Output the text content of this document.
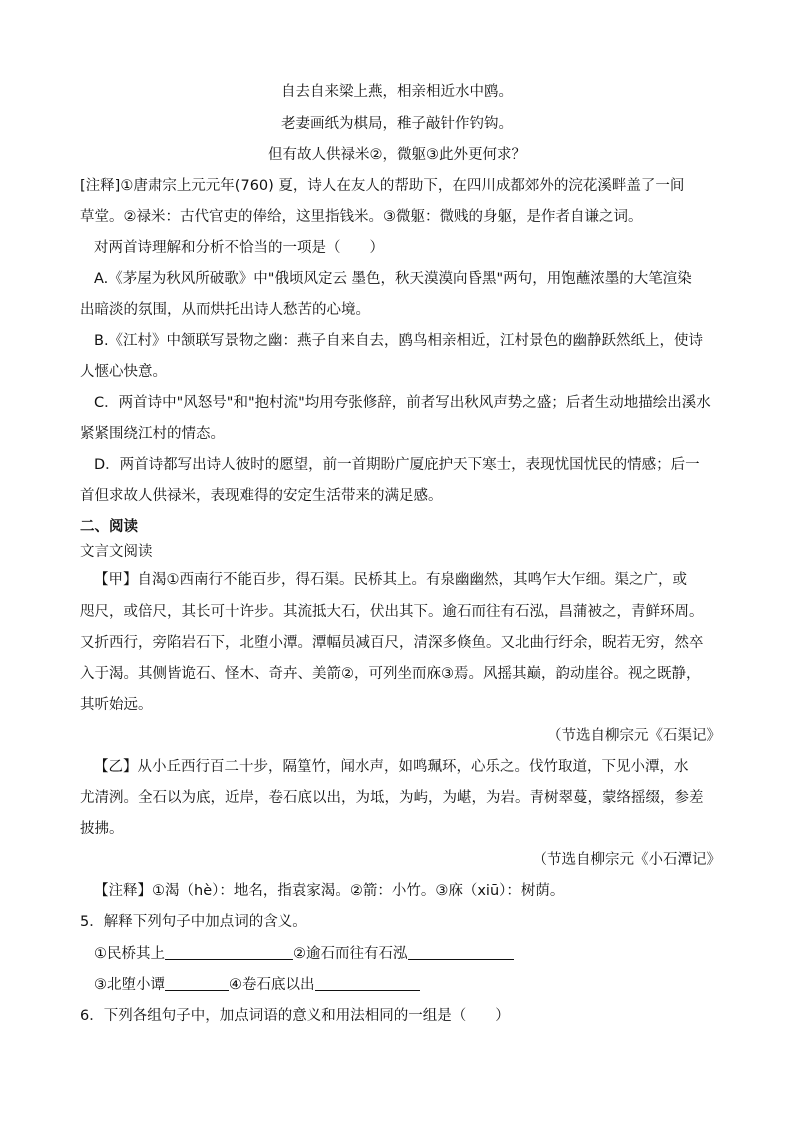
自去自来梁上燕，相亲相近水中鸥。
老妻画纸为棋局，稚子敲针作钓钩。
但有故人供禄米②，微躯③此外更何求？
[注释]①唐肃宗上元元年(760) 夏，诗人在友人的帮助下，在四川成都郊外的浣花溪畔盖了一间
草堂。②禄米：古代官吏的俸给，这里指钱米。③微躯：微贱的身躯，是作者自谦之词。
对两首诗理解和分析不恰当的一项是（　　）
A.《茅屋为秋风所破歌》中"俄顷风定云 墨色，秋天漠漠向昏黑"两句，用饱蘸浓墨的大笔渲染
出暗淡的氛围，从而烘托出诗人愁苦的心境。
B.《江村》中颔联写景物之幽：燕子自来自去，鸥鸟相亲相近，江村景色的幽静跃然纸上，使诗
人惬心快意。
C．两首诗中"风怒号"和"抱村流"均用夸张修辞，前者写出秋风声势之盛；后者生动地描绘出溪水
紧紧围绕江村的情态。
D．两首诗都写出诗人彼时的愿望，前一首期盼广厦庇护天下寒士，表现忧国忧民的情感；后一
首但求故人供禄米，表现难得的安定生活带来的满足感。
二、阅读
文言文阅读
【甲】自渴①西南行不能百步，得石渠。民桥其上。有泉幽幽然，其鸣乍大乍细。渠之广，或
咫尺，或倍尺，其长可十许步。其流抵大石，伏出其下。逾石而往有石泓，昌蒲被之，青鲜环周。
又折西行，旁陷岩石下，北堕小潭。潭幅员减百尺，清深多倏鱼。又北曲行纡余，睨若无穷，然卒
入于渴。其侧皆诡石、怪木、奇卉、美箭②，可列坐而庥③焉。风摇其巅，韵动崖谷。视之既静，
其听始远。
（节选自柳宗元《石渠记》
【乙】从小丘西行百二十步，隔篁竹，闻水声，如鸣珮环，心乐之。伐竹取道，下见小潭，水
尤清洌。全石以为底，近岸，卷石底以出，为坻，为屿，为嵁，为岩。青树翠蔓，蒙络摇缀，参差
披拂。
（节选自柳宗元《小石潭记》
【注释】①渴（hè）：地名，指袁家渴。②箭：小竹。③庥（xiū）：树荫。
5．解释下列句子中加点词的含义。
①民桥其上	②逾石而往有石泓
③北堕小谭	④卷石底以出
6．下列各组句子中，加点词语的意义和用法相同的一组是（　　）
